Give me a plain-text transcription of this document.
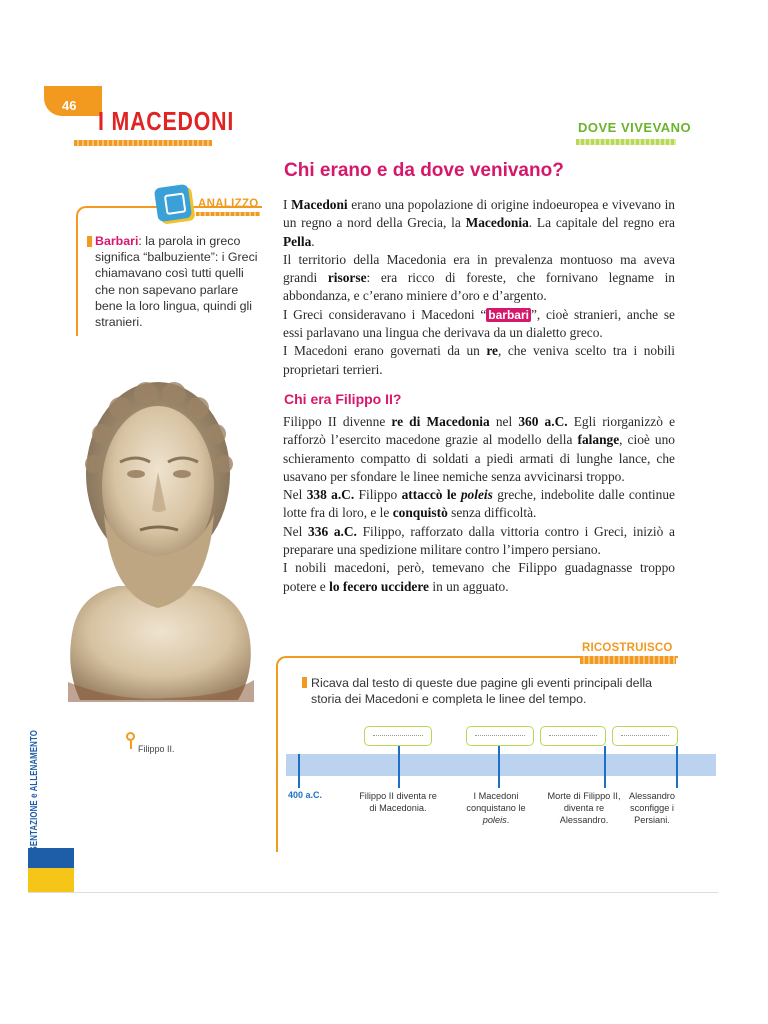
46
I MACEDONI	DOVE VIVEVANO
Chi erano e da dove venivano?
I Macedoni erano una popolazione di origine indoeuropea e vivevano in un regno a nord della Grecia, la Macedonia. La capitale del regno era Pella.
Il territorio della Macedonia era in prevalenza montuoso ma aveva grandi risorse: era ricco di foreste, che fornivano legname in abbondanza, e c’erano miniere d’oro e d’argento.
I Greci consideravano i Macedoni “ barbari ”, cioè stranieri, anche se essi parlavano una lingua che derivava da un dialetto greco.
I Macedoni erano governati da un re, che veniva scelto tra i nobili proprietari terrieri.
Chi era Filippo II?
Filippo II divenne re di Macedonia nel 360 a.C. Egli riorganizzò e rafforzò l’esercito macedone grazie al modello della falange, cioè uno schieramento compatto di soldati a piedi armati di lunghe lance, che usavano per sfondare le linee nemiche senza avvicinarsi troppo.
Nel 338 a.C. Filippo attaccò le poleis greche, indebolite dalle continue lotte fra di loro, e le conquistò senza difficoltà.
Nel 336 a.C. Filippo, rafforzato dalla vittoria contro i Greci, iniziò a preparare una spedizione militare contro l’impero persiano.
I nobili macedoni, però, temevano che Filippo guadagnasse troppo potere e lo fecero uccidere in un agguato.
ANALIZZO
Barbari: la parola in greco significa “balbuziente”: i Greci chiamavano così tutti quelli che non sapevano parlare bene la loro lingua, quindi gli stranieri.
Filippo II.
PRESENTAZIONE e ALLENAMENTO
RICOSTRUISCO
Ricava dal testo di queste due pagine gli eventi principali della storia dei Macedoni e completa le linee del tempo.
400 a.C.	Filippo II diventa re di Macedonia.
I Macedoni conquistano le poleis.
Morte di Filippo II, diventa re Alessandro.
Alessandro sconfigge i Persiani.
